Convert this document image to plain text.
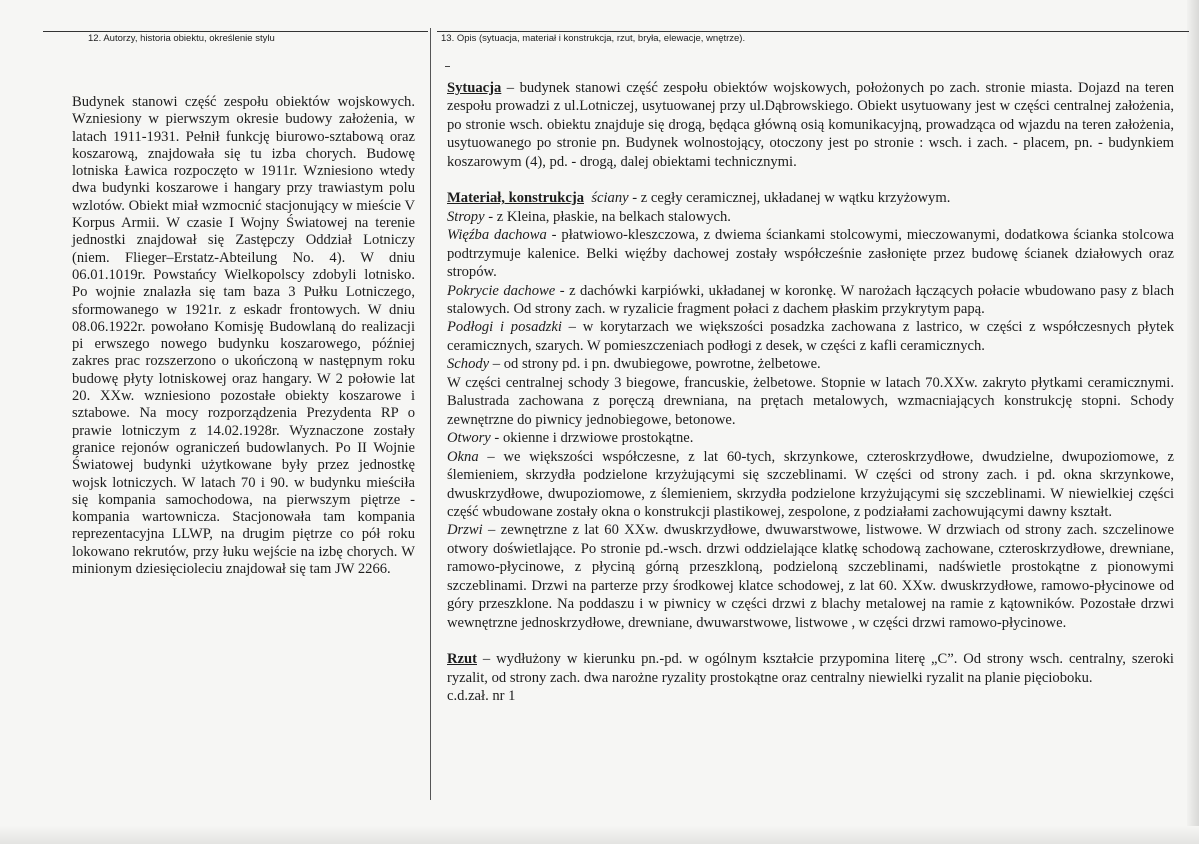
12. Autorzy, historia obiektu, określenie stylu	13. Opis (sytuacja, materiał i konstrukcja, rzut, bryła, elewacje, wnętrze).

Budynek stanowi część zespołu obiektów wojskowych. Wzniesiony w pierwszym okresie budowy założenia, w latach 1911-1931. Pełnił funkcję biurowo-sztabową oraz koszarową, znajdowała się tu izba chorych. Budowę lotniska Ławica rozpoczęto w 1911r. Wzniesiono wtedy dwa budynki koszarowe i hangary przy trawiastym polu wzlotów. Obiekt miał wzmocnić stacjonujący w mieście V Korpus Armii. W czasie I Wojny Światowej na terenie jednostki znajdował się Zastępczy Oddział Lotniczy (niem. Flieger–Erstatz-Abteilung No. 4). W dniu 06.01.1019r. Powstańcy Wielkopolscy zdobyli lotnisko. Po wojnie znalazła się tam baza 3 Pułku Lotniczego, sformowanego w 1921r. z eskadr frontowych. W dniu 08.06.1922r. powołano Komisję Budowlaną do realizacji pi erwszego nowego budynku koszarowego, później zakres prac rozszerzono o ukończoną w następnym roku budowę płyty lotniskowej oraz hangary. W 2 połowie lat 20. XXw. wzniesiono pozostałe obiekty koszarowe i sztabowe. Na mocy rozporządzenia Prezydenta RP o prawie lotniczym z 14.02.1928r. Wyznaczone zostały granice rejonów ograniczeń budowlanych. Po II Wojnie Światowej budynki użytkowane były przez jednostkę wojsk lotniczych. W latach 70 i 90. w budynku mieściła się kompania samochodowa, na pierwszym piętrze - kompania wartownicza. Stacjonowała tam kompania reprezentacyjna LLWP, na drugim piętrze co pół roku lokowano rekrutów, przy łuku wejście na izbę chorych. W minionym dziesięcioleciu znajdował się tam JW 2266.

Sytuacja – budynek stanowi część zespołu obiektów wojskowych, położonych po zach. stronie miasta. Dojazd na teren zespołu prowadzi z ul.Lotniczej, usytuowanej przy ul.Dąbrowskiego. Obiekt usytuowany jest w części centralnej założenia, po stronie wsch. obiektu znajduje się drogą, będąca główną osią komunikacyjną, prowadząca od wjazdu na teren założenia, usytuowanego po stronie pn. Budynek wolnostojący, otoczony jest po stronie : wsch. i zach. - placem, pn. - budynkiem koszarowym (4), pd. - drogą, dalej obiektami technicznymi.

Materiał, konstrukcja ściany - z cegły ceramicznej, układanej w wątku krzyżowym.

Stropy - z Kleina, płaskie, na belkach stalowych.

Więźba dachowa - płatwiowo-kleszczowa, z dwiema ściankami stolcowymi, mieczowanymi, dodatkowa ścianka stolcowa podtrzymuje kalenice. Belki więźby dachowej zostały współcześnie zasłonięte przez budowę ścianek działowych oraz stropów.

Pokrycie dachowe - z dachówki karpiówki, układanej w koronkę. W narożach łączących połacie wbudowano pasy z blach stalowych. Od strony zach. w ryzalicie fragment połaci z dachem płaskim przykrytym papą.

Podłogi i posadzki – w korytarzach we większości posadzka zachowana z lastrico, w części z współczesnych płytek ceramicznych, szarych. W pomieszczeniach podłogi z desek, w części z kafli ceramicznych.

Schody – od strony pd. i pn. dwubiegowe, powrotne, żelbetowe.

W części centralnej schody 3 biegowe, francuskie, żelbetowe. Stopnie w latach 70.XXw. zakryto płytkami ceramicznymi. Balustrada zachowana z poręczą drewniana, na prętach metalowych, wzmacniających konstrukcję stopni. Schody zewnętrzne do piwnicy jednobiegowe, betonowe.

Otwory - okienne i drzwiowe prostokątne.

Okna – we większości współczesne, z lat 60-tych, skrzynkowe, czteroskrzydłowe, dwudzielne, dwupoziomowe, z ślemieniem, skrzydła podzielone krzyżującymi się szczeblinami. W części od strony zach. i pd. okna skrzynkowe, dwuskrzydłowe, dwupoziomowe, z ślemieniem, skrzydła podzielone krzyżującymi się szczeblinami. W niewielkiej części część wbudowane zostały okna o konstrukcji plastikowej, zespolone, z podziałami zachowującymi dawny kształt.

Drzwi – zewnętrzne z lat 60 XXw. dwuskrzydłowe, dwuwarstwowe, listwowe. W drzwiach od strony zach. szczelinowe otwory doświetlające. Po stronie pd.-wsch. drzwi oddzielające klatkę schodową zachowane, czteroskrzydłowe, drewniane, ramowo-płycinowe, z płyciną górną przeszkloną, podzieloną szczeblinami, nadświetle prostokątne z pionowymi szczeblinami. Drzwi na parterze przy środkowej klatce schodowej, z lat 60. XXw. dwuskrzydłowe, ramowo-płycinowe od góry przeszklone. Na poddaszu i w piwnicy w części drzwi z blachy metalowej na ramie z kątowników. Pozostałe drzwi wewnętrzne jednoskrzydłowe, drewniane, dwuwarstwowe, listwowe , w części drzwi ramowo-płycinowe.

Rzut – wydłużony w kierunku pn.-pd. w ogólnym kształcie przypomina literę „C”. Od strony wsch. centralny, szeroki ryzalit, od strony zach. dwa narożne ryzality prostokątne oraz centralny niewielki ryzalit na planie pięcioboku.

c.d.zał. nr 1
